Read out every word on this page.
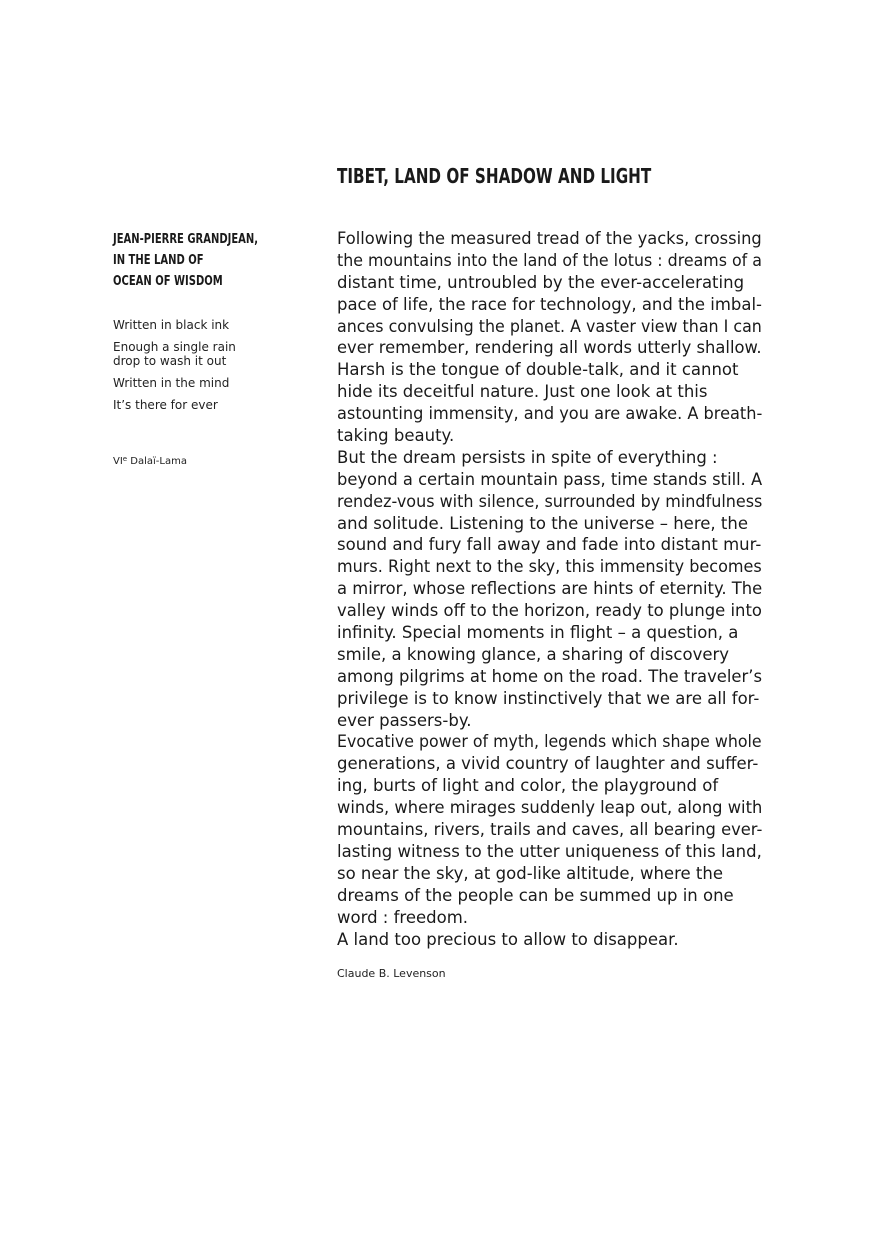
TIBET, LAND OF SHADOW AND LIGHT
JEAN-PIERRE GRANDJEAN,
IN THE LAND OF
OCEAN OF WISDOM

Written in black ink

Enough a single rain

drop to wash it out

Written in the mind

It’s there for ever

VIe Dalaï-Lama
Following the measured tread of the yacks, crossing
the mountains into the land of the lotus : dreams of a
distant time, untroubled by the ever-accelerating
pace of life, the race for technology, and the imbal-
ances convulsing the planet. A vaster view than I can
ever remember, rendering all words utterly shallow.
Harsh is the tongue of double-talk, and it cannot
hide its deceitful nature. Just one look at this
astounting immensity, and you are awake. A breath-
taking beauty.
But the dream persists in spite of everything :
beyond a certain mountain pass, time stands still. A
rendez-vous with silence, surrounded by mindfulness
and solitude. Listening to the universe – here, the
sound and fury fall away and fade into distant mur-
murs. Right next to the sky, this immensity becomes
a mirror, whose reflections are hints of eternity. The
valley winds off to the horizon, ready to plunge into
infinity. Special moments in flight – a question, a
smile, a knowing glance, a sharing of discovery
among pilgrims at home on the road. The traveler’s
privilege is to know instinctively that we are all for-
ever passers-by.
Evocative power of myth, legends which shape whole
generations, a vivid country of laughter and suffer-
ing, burts of light and color, the playground of
winds, where mirages suddenly leap out, along with
mountains, rivers, trails and caves, all bearing ever-
lasting witness to the utter uniqueness of this land,
so near the sky, at god-like altitude, where the
dreams of the people can be summed up in one
word : freedom.
A land too precious to allow to disappear.
Claude B. Levenson
